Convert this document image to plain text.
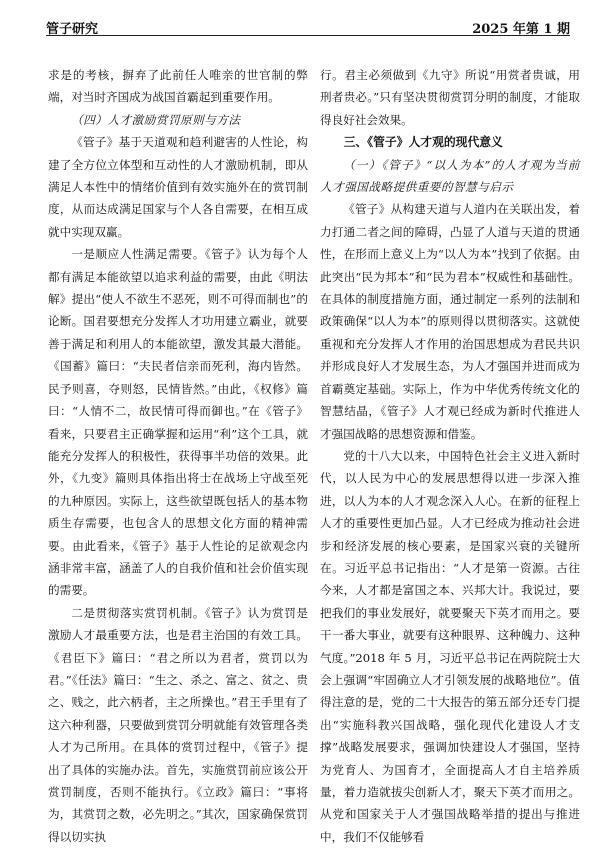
管子研究	2025 年第 1 期

求是的考核，摒弃了此前任人唯亲的世官制的弊端，对当时齐国成为战国首霸起到重要作用。

（四）人才激励赏罚原则与方法

《管子》基于天道观和趋利避害的人性论，构建了全方位立体型和互动性的人才激励机制，即从满足人本性中的情绪价值到有效实施外在的赏罚制度，从而达成满足国家与个人各自需要，在相互成就中实现双赢。

一是顺应人性满足需要。《管子》认为每个人都有满足本能欲望以追求利益的需要，由此《明法解》提出“使人不欲生不恶死，则不可得而制也”的论断。国君要想充分发挥人才功用建立霸业，就要善于满足和利用人的本能欲望，激发其最大潜能。《国蓄》篇曰：“夫民者信亲而死利，海内皆然。民予则喜，夺则怒，民情皆然。”由此，《权修》篇曰：“人情不二，故民情可得而御也。”在《管子》看来，只要君主正确掌握和运用“利”这个工具，就能充分发挥人的积极性，获得事半功倍的效果。此外，《九变》篇则具体指出将士在战场上守战至死的九种原因。实际上，这些欲望既包括人的基本物质生存需要，也包含人的思想文化方面的精神需要。由此看来，《管子》基于人性论的足欲观念内涵非常丰富，涵盖了人的自我价值和社会价值实现的需要。

二是贯彻落实赏罚机制。《管子》认为赏罚是激励人才最重要方法，也是君主治国的有效工具。《君臣下》篇曰：“君之所以为君者，赏罚以为君。”《任法》篇曰：“生之、杀之、富之、贫之、贵之、贱之，此六柄者，主之所操也。”君王手里有了这六种利器，只要做到赏罚分明就能有效管理各类人才为己所用。在具体的赏罚过程中，《管子》提出了具体的实施办法。首先，实施赏罚前应该公开赏罚制度，否则不能执行。《立政》篇曰：“事将为，其赏罚之数，必先明之。”其次，国家确保赏罚得以切实执

行。君主必须做到《九守》所说“用赏者贵诚，用刑者贵必。”只有坚决贯彻赏罚分明的制度，才能取得良好社会效果。

三、《管子》人才观的现代意义

（一）《管子》“以人为本”的人才观为当前人才强国战略提供重要的智慧与启示

《管子》从构建天道与人道内在关联出发，着力打通二者之间的障碍，凸显了人道与天道的贯通性，在形而上意义上为“以人为本”找到了依据。由此突出“民为邦本”和“民为君本”权威性和基础性。在具体的制度措施方面，通过制定一系列的法制和政策确保“以人为本”的原则得以贯彻落实。这就使重视和充分发挥人才作用的治国思想成为君民共识并形成良好人才发展生态，为人才强国并进而成为首霸奠定基础。实际上，作为中华优秀传统文化的智慧结晶，《管子》人才观已经成为新时代推进人才强国战略的思想资源和借鉴。

党的十八大以来，中国特色社会主义进入新时代，以人民为中心的发展思想得以进一步深入推进，以人为本的人才观念深入人心。在新的征程上人才的重要性更加凸显。人才已经成为推动社会进步和经济发展的核心要素，是国家兴衰的关键所在。习近平总书记指出：“人才是第一资源。古往今来，人才都是富国之本、兴邦大计。我说过，要把我们的事业发展好，就要聚天下英才而用之。要干一番大事业，就要有这种眼界、这种魄力、这种气度。”2018 年 5 月，习近平总书记在两院院士大会上强调“牢固确立人才引领发展的战略地位”。值得注意的是，党的二十大报告的第五部分还专门提出“实施科教兴国战略，强化现代化建设人才支撑”战略发展要求，强调加快建设人才强国，坚持为党育人、为国育才，全面提高人才自主培养质量，着力造就拔尖创新人才，聚天下英才而用之。从党和国家关于人才强国战略举措的提出与推进中，我们不仅能够看
